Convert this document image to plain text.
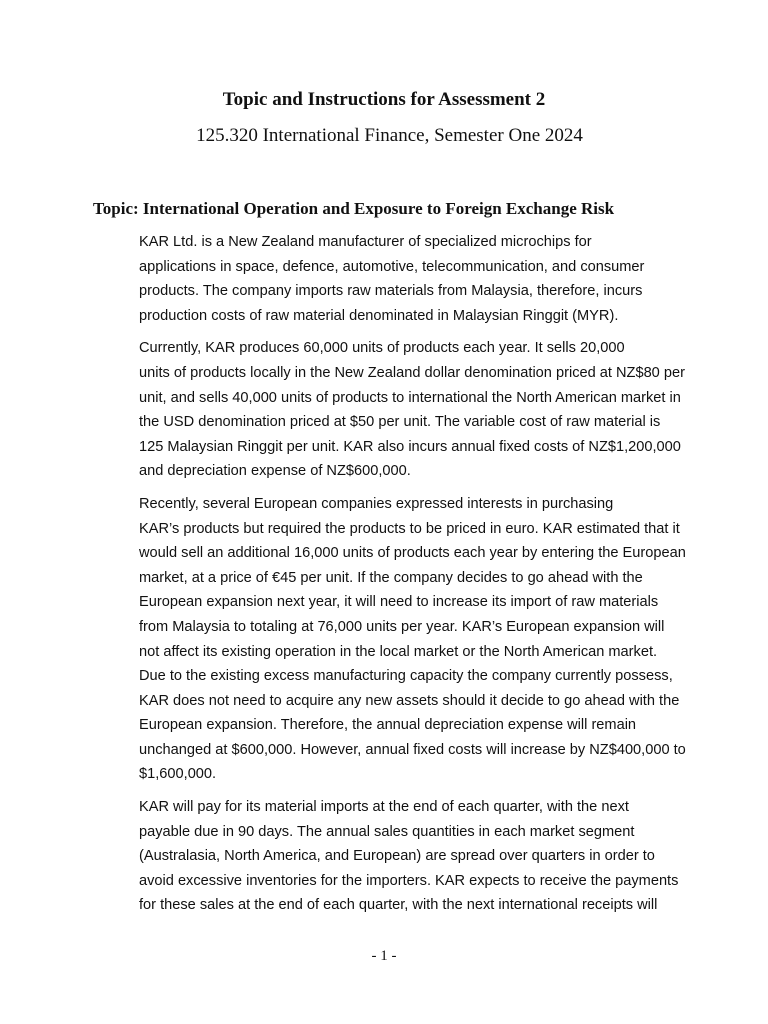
Topic and Instructions for Assessment 2
125.320 International Finance, Semester One 2024
Topic: International Operation and Exposure to Foreign Exchange Risk

KAR Ltd. is a New Zealand manufacturer of specialized microchips for
applications in space, defence, automotive, telecommunication, and consumer
products. The company imports raw materials from Malaysia, therefore, incurs
production costs of raw material denominated in Malaysian Ringgit (MYR).

Currently, KAR produces 60,000 units of products each year. It sells 20,000
units of products locally in the New Zealand dollar denomination priced at NZ$80 per
unit, and sells 40,000 units of products to international the North American market in
the USD denomination priced at $50 per unit. The variable cost of raw material is
125 Malaysian Ringgit per unit. KAR also incurs annual fixed costs of NZ$1,200,000
and depreciation expense of NZ$600,000.

Recently, several European companies expressed interests in purchasing
KAR’s products but required the products to be priced in euro. KAR estimated that it
would sell an additional 16,000 units of products each year by entering the European
market, at a price of €45 per unit. If the company decides to go ahead with the
European expansion next year, it will need to increase its import of raw materials
from Malaysia to totaling at 76,000 units per year. KAR’s European expansion will
not affect its existing operation in the local market or the North American market.
Due to the existing excess manufacturing capacity the company currently possess,
KAR does not need to acquire any new assets should it decide to go ahead with the
European expansion. Therefore, the annual depreciation expense will remain
unchanged at $600,000. However, annual fixed costs will increase by NZ$400,000 to
$1,600,000.

KAR will pay for its material imports at the end of each quarter, with the next
payable due in 90 days. The annual sales quantities in each market segment
(Australasia, North America, and European) are spread over quarters in order to
avoid excessive inventories for the importers. KAR expects to receive the payments
for these sales at the end of each quarter, with the next international receipts will

- 1 -
